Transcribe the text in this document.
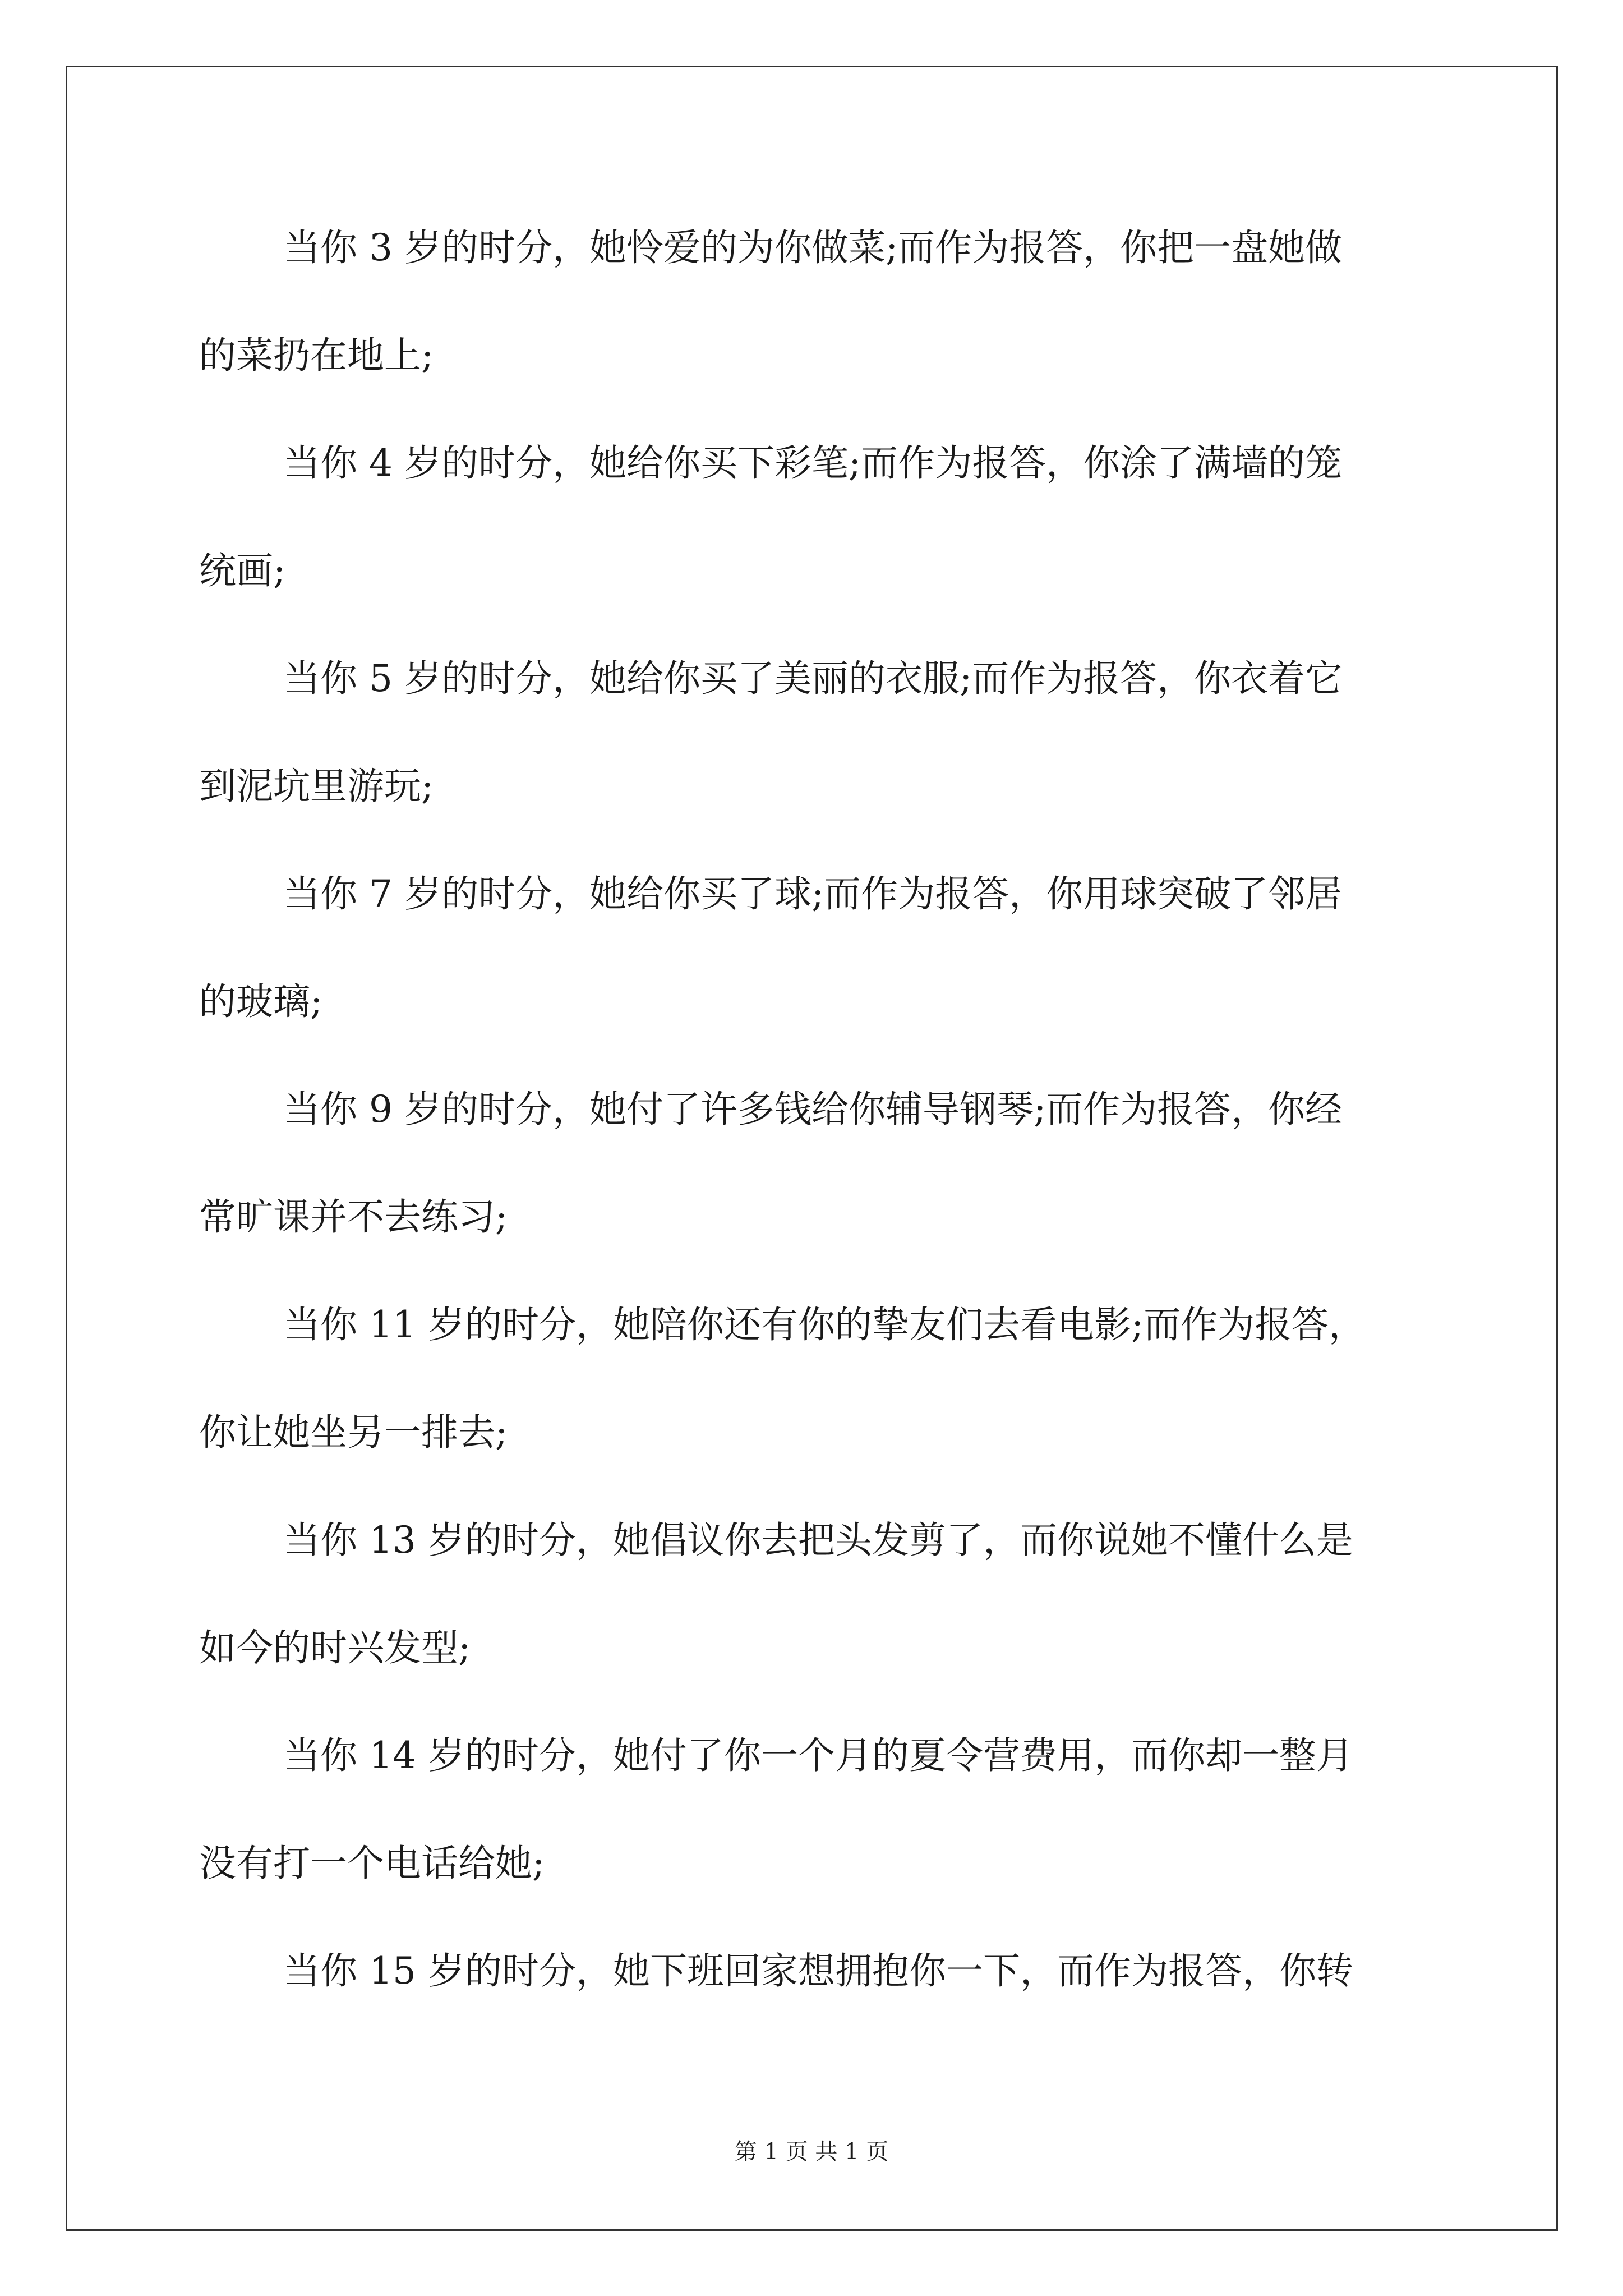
当你 3 岁的时分，她怜爱的为你做菜;而作为报答，你把一盘她做
的菜扔在地上;
当你 4 岁的时分，她给你买下彩笔;而作为报答，你涂了满墙的笼
统画;
当你 5 岁的时分，她给你买了美丽的衣服;而作为报答，你衣着它
到泥坑里游玩;
当你 7 岁的时分，她给你买了球;而作为报答，你用球突破了邻居
的玻璃;
当你 9 岁的时分，她付了许多钱给你辅导钢琴;而作为报答，你经
常旷课并不去练习;
当你 11 岁的时分，她陪你还有你的挚友们去看电影;而作为报答，
你让她坐另一排去;
当你 13 岁的时分，她倡议你去把头发剪了，而你说她不懂什么是
如今的时兴发型;
当你 14 岁的时分，她付了你一个月的夏令营费用，而你却一整月
没有打一个电话给她;
当你 15 岁的时分，她下班回家想拥抱你一下，而作为报答，你转
第 1 页 共 1 页
